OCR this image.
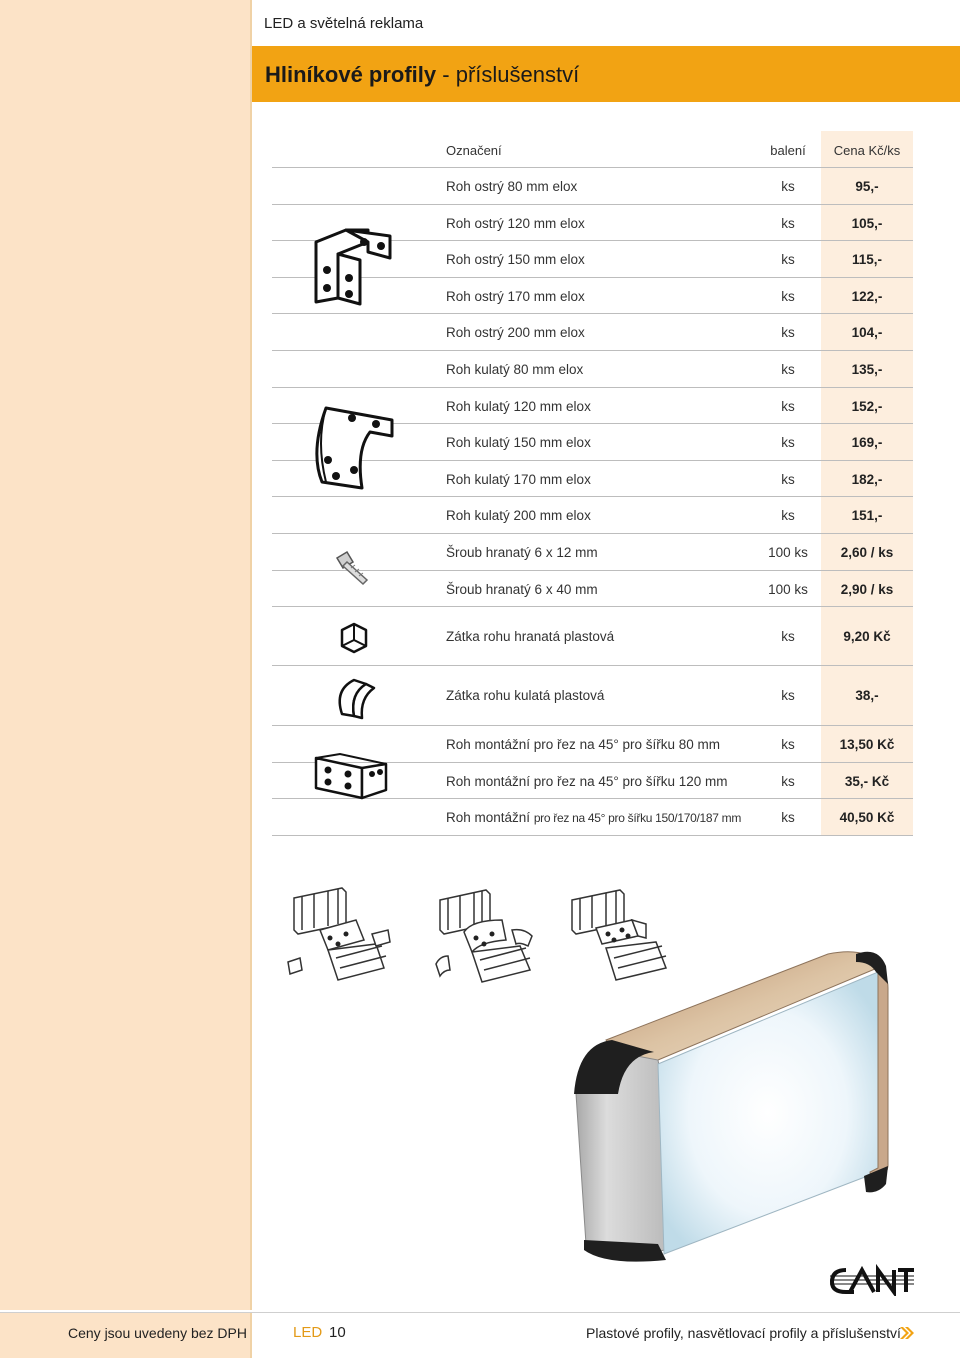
LED a světelná reklama
Hliníkové profily - příslušenství
Označení	balení	Cena Kč/ks
Roh ostrý 80 mm elox	ks	95,-
Roh ostrý 120 mm elox	ks	105,-
Roh ostrý 150 mm elox	ks	115,-
Roh ostrý 170 mm elox	ks	122,-
Roh ostrý 200 mm elox	ks	104,-
Roh kulatý 80 mm elox	ks	135,-
Roh kulatý 120 mm elox	ks	152,-
Roh kulatý 150 mm elox	ks	169,-
Roh kulatý 170 mm elox	ks	182,-
Roh kulatý 200 mm elox	ks	151,-
Šroub hranatý 6 x 12 mm	100 ks	2,60 / ks
Šroub hranatý 6 x 40 mm	100 ks	2,90 / ks
Zátka rohu hranatá plastová	ks	9,20 Kč
Zátka rohu kulatá plastová	ks	38,-
Roh montážní pro řez na 45° pro šířku 80 mm	ks	13,50 Kč
Roh montážní pro řez na 45° pro šířku 120 mm	ks	35,- Kč
Roh montážní pro řez na 45° pro šířku 150/170/187 mm	ks	40,50 Kč
Ceny jsou uvedeny bez DPH	LED 10	Plastové profily, nasvětlovací profily a příslušenství
